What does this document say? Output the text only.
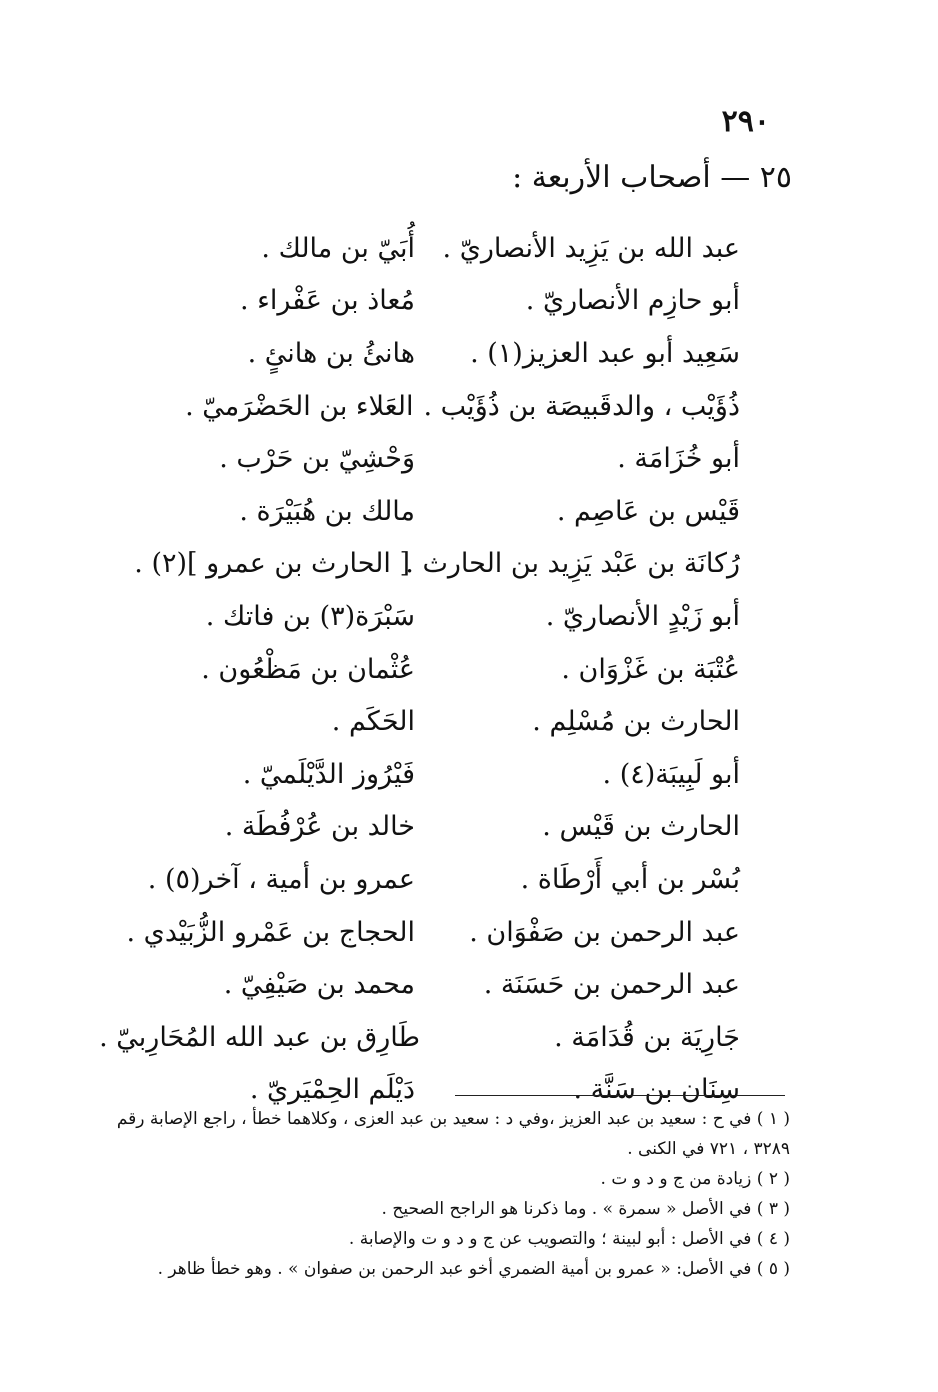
٢٩٠
٢٥ — أصحاب الأربعة :
عبد الله بن يَزِيد الأنصاريّ .
أُبَيّ بن مالك .
أبو حازِم الأنصاريّ .
مُعاذ بن عَفْراء .
سَعِيد أبو عبد العزيز(١) .
هانئُ بن هانئٍ .
ذُؤَيْب ، والدقَبيصَة بن ذُؤَيْب .
العَلاء بن الحَضْرَميّ .
أبو خُزَامَة .
وَحْشِيّ بن حَرْب .
قَيْس بن عَاصِم .
مالك بن هُبَيْرَة .
رُكانَة بن عَبْد يَزِيد بن الحارث .
[ الحارث بن عمرو ](٢) .
أبو زَيْدٍ الأنصاريّ .
سَبْرَة(٣) بن فاتك .
عُتْبَة بن غَزْوَان .
عُثْمان بن مَظْعُون .
الحارث بن مُسْلِم .
الحَكَم .
أبو لَبِيبَة(٤) .
فَيْرُوز الدَّيْلَميّ .
الحارث بن قَيْس .
خالد بن عُرْفُطَة .
بُسْر بن أبي أَرْطَاة .
عمرو بن أمية ، آخر(٥) .
عبد الرحمن بن صَفْوَان .
الحجاج بن عَمْرو الزُّبَيْدي .
عبد الرحمن بن حَسَنَة .
محمد بن صَيْفِيّ .
جَارِيَة بن قُدَامَة .
طَارِق بن عبد الله المُحَارِبيّ .
سِنَان بن سَنَّة .
دَيْلَم الحِمْيَريّ .
( ١ ) في ح : سعيد بن عبد العزيز ،وفي د : سعيد بن عبد العزى ، وكلاهما خطأ ، راجع الإصابة رقم ٣٢٨٩ ، ٧٢١ في الكنى .
( ٢ ) زيادة من ج و د و ت .
( ٣ ) في الأصل « سمرة » . وما ذكرنا هو الراجح الصحيح .
( ٤ ) في الأصل : أبو لبينة ؛ والتصويب عن ج و د و ت والإصابة .
( ٥ ) في الأصل: « عمرو بن أمية الضمري أخو عبد الرحمن بن صفوان » . وهو خطأ ظاهر .
